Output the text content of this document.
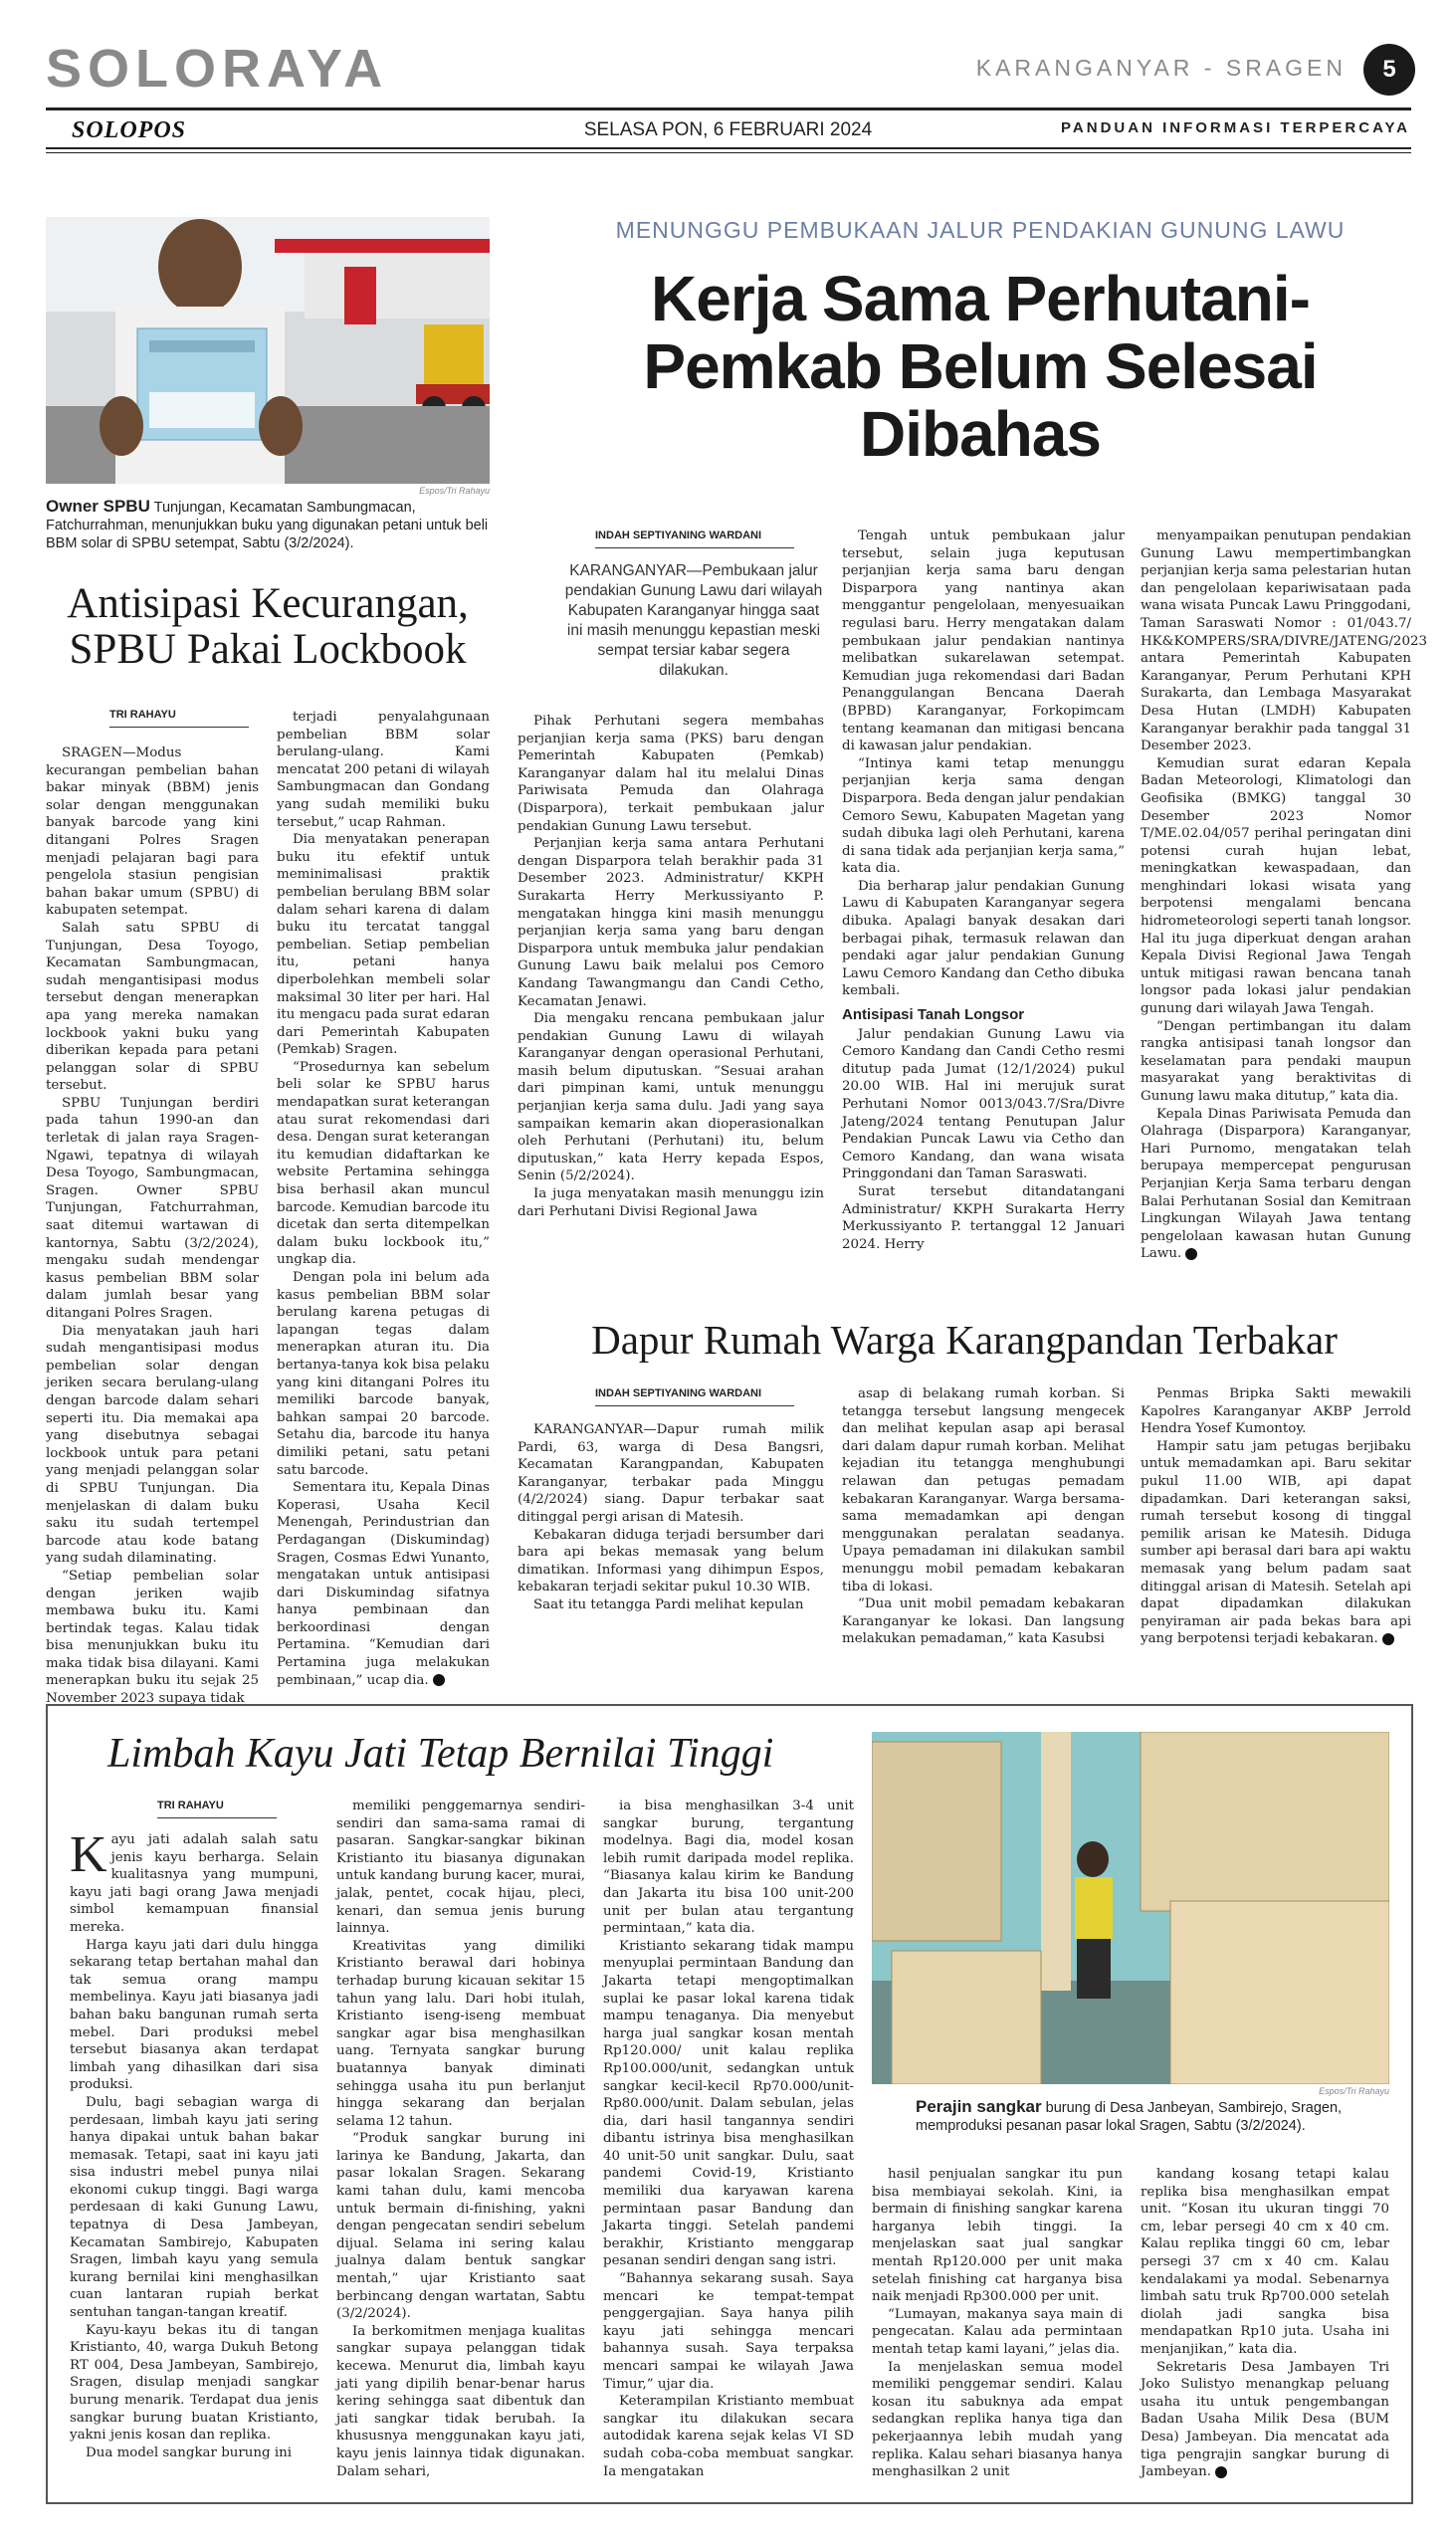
SOLORAYA	KARANGANYAR - SRAGEN	5
SOLOPOS	SELASA PON, 6 FEBRUARI 2024	PANDUAN INFORMASI TERPERCAYA
Espos/Tri Rahayu
Owner SPBU Tunjungan, Kecamatan Sambungmacan, Fatchurrahman, menunjukkan buku yang digunakan petani untuk beli BBM solar di SPBU setempat, Sabtu (3/2/2024).
Antisipasi Kecurangan, SPBU Pakai Lockbook
TRI RAHAYU

SRAGEN—Modus kecurangan pembelian bahan bakar minyak (BBM) jenis solar dengan menggunakan banyak barcode yang kini ditangani Polres Sragen menjadi pelajaran bagi para pengelola stasiun pengisian bahan bakar umum (SPBU) di kabupaten setempat.

Salah satu SPBU di Tunjungan, Desa Toyogo, Kecamatan Sambungmacan, sudah mengantisipasi modus tersebut dengan menerapkan apa yang mereka namakan lockbook yakni buku yang diberikan kepada para petani pelanggan solar di SPBU tersebut.

SPBU Tunjungan berdiri pada tahun 1990-an dan terletak di jalan raya Sragen-Ngawi, tepatnya di wilayah Desa Toyogo, Sambungmacan, Sragen. Owner SPBU Tunjungan, Fatchurrahman, saat ditemui wartawan di kantornya, Sabtu (3/2/2024), mengaku sudah mendengar kasus pembelian BBM solar dalam jumlah besar yang ditangani Polres Sragen.

Dia menyatakan jauh hari sudah mengantisipasi modus pembelian solar dengan jeriken secara berulang-ulang dengan barcode dalam sehari seperti itu. Dia memakai apa yang disebutnya sebagai lockbook untuk para petani yang menjadi pelanggan solar di SPBU Tunjungan. Dia menjelaskan di dalam buku saku itu sudah tertempel barcode atau kode batang yang sudah dilaminating.

“Setiap pembelian solar dengan jeriken wajib membawa buku itu. Kami bertindak tegas. Kalau tidak bisa menunjukkan buku itu maka tidak bisa dilayani. Kami menerapkan buku itu sejak 25 November 2023 supaya tidak

terjadi penyalahgunaan pembelian BBM solar berulang-ulang. Kami mencatat 200 petani di wilayah Sambungmacan dan Gondang yang sudah memiliki buku tersebut,” ucap Rahman.

Dia menyatakan penerapan buku itu efektif untuk meminimalisasi praktik pembelian berulang BBM solar dalam sehari karena di dalam buku itu tercatat tanggal pembelian. Setiap pembelian itu, petani hanya diperbolehkan membeli solar maksimal 30 liter per hari. Hal itu mengacu pada surat edaran dari Pemerintah Kabupaten (Pemkab) Sragen.

“Prosedurnya kan sebelum beli solar ke SPBU harus mendapatkan surat keterangan atau surat rekomendasi dari desa. Dengan surat keterangan itu kemudian didaftarkan ke website Pertamina sehingga bisa berhasil akan muncul barcode. Kemudian barcode itu dicetak dan serta ditempelkan dalam buku lockbook itu,” ungkap dia.

Dengan pola ini belum ada kasus pembelian BBM solar berulang karena petugas di lapangan tegas dalam menerapkan aturan itu. Dia bertanya-tanya kok bisa pelaku yang kini ditangani Polres itu memiliki barcode banyak, bahkan sampai 20 barcode. Setahu dia, barcode itu hanya dimiliki petani, satu petani satu barcode.

Sementara itu, Kepala Dinas Koperasi, Usaha Kecil Menengah, Perindustrian dan Perdagangan (Diskumindag) Sragen, Cosmas Edwi Yunanto, mengatakan untuk antisipasi dari Diskumindag sifatnya hanya pembinaan dan berkoordinasi dengan Pertamina. “Kemudian dari Pertamina juga melakukan pembinaan,” ucap dia.

MENUNGGU PEMBUKAAN JALUR PENDAKIAN GUNUNG LAWU
Kerja Sama Perhutani-Pemkab Belum Selesai Dibahas
INDAH SEPTIYANING WARDANI
KARANGANYAR—Pembukaan jalur pendakian Gunung Lawu dari wilayah Kabupaten Karanganyar hingga saat ini masih menunggu kepastian meski sempat tersiar kabar segera dilakukan.

Pihak Perhutani segera membahas perjanjian kerja sama (PKS) baru dengan Pemerintah Kabupaten (Pemkab) Karanganyar dalam hal itu melalui Dinas Pariwisata Pemuda dan Olahraga (Disparpora), terkait pembukaan jalur pendakian Gunung Lawu tersebut.

Perjanjian kerja sama antara Perhutani dengan Disparpora telah berakhir pada 31 Desember 2023. Administratur/ KKPH Surakarta Herry Merkussiyanto P. mengatakan hingga kini masih menunggu perjanjian kerja sama yang baru dengan Disparpora untuk membuka jalur pendakian Gunung Lawu baik melalui pos Cemoro Kandang Tawangmangu dan Candi Cetho, Kecamatan Jenawi.

Dia mengaku rencana pembukaan jalur pendakian Gunung Lawu di wilayah Karanganyar dengan operasional Perhutani, masih belum diputuskan. “Sesuai arahan dari pimpinan kami, untuk menunggu perjanjian kerja sama dulu. Jadi yang saya sampaikan kemarin akan dioperasionalkan oleh Perhutani (Perhutani) itu, belum diputuskan,” kata Herry kepada Espos, Senin (5/2/2024).

Ia juga menyatakan masih menunggu izin dari Perhutani Divisi Regional Jawa

Tengah untuk pembukaan jalur tersebut, selain juga keputusan perjanjian kerja sama baru dengan Disparpora yang nantinya akan menggantur pengelolaan, menyesuaikan regulasi baru. Herry mengatakan dalam pembukaan jalur pendakian nantinya melibatkan sukarelawan setempat. Kemudian juga rekomendasi dari Badan Penanggulangan Bencana Daerah (BPBD) Karanganyar, Forkopimcam tentang keamanan dan mitigasi bencana di kawasan jalur pendakian.

“Intinya kami tetap menunggu perjanjian kerja sama dengan Disparpora. Beda dengan jalur pendakian Cemoro Sewu, Kabupaten Magetan yang sudah dibuka lagi oleh Perhutani, karena di sana tidak ada perjanjian kerja sama,” kata dia.

Dia berharap jalur pendakian Gunung Lawu di Kabupaten Karanganyar segera dibuka. Apalagi banyak desakan dari berbagai pihak, termasuk relawan dan pendaki agar jalur pendakian Gunung Lawu Cemoro Kandang dan Cetho dibuka kembali.

Antisipasi Tanah Longsor

Jalur pendakian Gunung Lawu via Cemoro Kandang dan Candi Cetho resmi ditutup pada Jumat (12/1/2024) pukul 20.00 WIB. Hal ini merujuk surat Perhutani Nomor 0013/043.7/Sra/Divre Jateng/2024 tentang Penutupan Jalur Pendakian Puncak Lawu via Cetho dan Cemoro Kandang, dan wana wisata Pringgondani dan Taman Saraswati.

Surat tersebut ditandatangani Administratur/ KKPH Surakarta Herry Merkussiyanto P. tertanggal 12 Januari 2024. Herry

menyampaikan penutupan pendakian Gunung Lawu mempertimbangkan perjanjian kerja sama pelestarian hutan dan pengelolaan kepariwisataan pada wana wisata Puncak Lawu Pringgodani, Taman Saraswati Nomor : 01/043.7/ HK&KOMPERS/SRA/DIVRE/JATENG/2023 antara Pemerintah Kabupaten Karanganyar, Perum Perhutani KPH Surakarta, dan Lembaga Masyarakat Desa Hutan (LMDH) Kabupaten Karanganyar berakhir pada tanggal 31 Desember 2023.

Kemudian surat edaran Kepala Badan Meteorologi, Klimatologi dan Geofisika (BMKG) tanggal 30 Desember 2023 Nomor T/ME.02.04/057 perihal peringatan dini potensi curah hujan lebat, meningkatkan kewaspadaan, dan menghindari lokasi wisata yang berpotensi mengalami bencana hidrometeorologi seperti tanah longsor. Hal itu juga diperkuat dengan arahan Kepala Divisi Regional Jawa Tengah untuk mitigasi rawan bencana tanah longsor pada lokasi jalur pendakian gunung dari wilayah Jawa Tengah.

“Dengan pertimbangan itu dalam rangka antisipasi tanah longsor dan keselamatan para pendaki maupun masyarakat yang beraktivitas di Gunung lawu maka ditutup,” kata dia.

Kepala Dinas Pariwisata Pemuda dan Olahraga (Disparpora) Karanganyar, Hari Purnomo, mengatakan telah berupaya mempercepat pengurusan Perjanjian Kerja Sama terbaru dengan Balai Perhutanan Sosial dan Kemitraan Lingkungan Wilayah Jawa tentang pengelolaan kawasan hutan Gunung Lawu.

Dapur Rumah Warga Karangpandan Terbakar
INDAH SEPTIYANING WARDANI

KARANGANYAR—Dapur rumah milik Pardi, 63, warga di Desa Bangsri, Kecamatan Karangpandan, Kabupaten Karanganyar, terbakar pada Minggu (4/2/2024) siang. Dapur terbakar saat ditinggal pergi arisan di Matesih.

Kebakaran diduga terjadi bersumber dari bara api bekas memasak yang belum dimatikan. Informasi yang dihimpun Espos, kebakaran terjadi sekitar pukul 10.30 WIB.

Saat itu tetangga Pardi melihat kepulan

asap di belakang rumah korban. Si tetangga tersebut langsung mengecek dan melihat kepulan asap api berasal dari dalam dapur rumah korban. Melihat kejadian itu tetangga menghubungi relawan dan petugas pemadam kebakaran Karanganyar. Warga bersama-sama memadamkan api dengan menggunakan peralatan seadanya. Upaya pemadaman ini dilakukan sambil menunggu mobil pemadam kebakaran tiba di lokasi.

“Dua unit mobil pemadam kebakaran Karanganyar ke lokasi. Dan langsung melakukan pemadaman,” kata Kasubsi

Penmas Bripka Sakti mewakili Kapolres Karanganyar AKBP Jerrold Hendra Yosef Kumontoy.

Hampir satu jam petugas berjibaku untuk memadamkan api. Baru sekitar pukul 11.00 WIB, api dapat dipadamkan. Dari keterangan saksi, rumah tersebut kosong di tinggal pemilik arisan ke Matesih. Diduga sumber api berasal dari bara api waktu memasak yang belum padam saat ditinggal arisan di Matesih. Setelah api dapat dipadamkan dilakukan penyiraman air pada bekas bara api yang berpotensi terjadi kebakaran.

Limbah Kayu Jati Tetap Bernilai Tinggi
Espos/Tri Rahayu
Perajin sangkar burung di Desa Janbeyan, Sambirejo, Sragen, memproduksi pesanan pasar lokal Sragen, Sabtu (3/2/2024).
TRI RAHAYU

Kayu jati adalah salah satu jenis kayu berharga. Selain kualitasnya yang mumpuni, kayu jati bagi orang Jawa menjadi simbol kemampuan finansial mereka.

Harga kayu jati dari dulu hingga sekarang tetap bertahan mahal dan tak semua orang mampu membelinya. Kayu jati biasanya jadi bahan baku bangunan rumah serta mebel. Dari produksi mebel tersebut biasanya akan terdapat limbah yang dihasilkan dari sisa produksi.

Dulu, bagi sebagian warga di perdesaan, limbah kayu jati sering hanya dipakai untuk bahan bakar memasak. Tetapi, saat ini kayu jati sisa industri mebel punya nilai ekonomi cukup tinggi. Bagi warga perdesaan di kaki Gunung Lawu, tepatnya di Desa Jambeyan, Kecamatan Sambirejo, Kabupaten Sragen, limbah kayu yang semula kurang bernilai kini menghasilkan cuan lantaran rupiah berkat sentuhan tangan-tangan kreatif.

Kayu-kayu bekas itu di tangan Kristianto, 40, warga Dukuh Betong RT 004, Desa Jambeyan, Sambirejo, Sragen, disulap menjadi sangkar burung menarik. Terdapat dua jenis sangkar burung buatan Kristianto, yakni jenis kosan dan replika.

Dua model sangkar burung ini

memiliki penggemarnya sendiri-sendiri dan sama-sama ramai di pasaran. Sangkar-sangkar bikinan Kristianto itu biasanya digunakan untuk kandang burung kacer, murai, jalak, pentet, cocak hijau, pleci, kenari, dan semua jenis burung lainnya.

Kreativitas yang dimiliki Kristianto berawal dari hobinya terhadap burung kicauan sekitar 15 tahun yang lalu. Dari hobi itulah, Kristianto iseng-iseng membuat sangkar agar bisa menghasilkan uang. Ternyata sangkar burung buatannya banyak diminati sehingga usaha itu pun berlanjut hingga sekarang dan berjalan selama 12 tahun.

“Produk sangkar burung ini larinya ke Bandung, Jakarta, dan pasar lokalan Sragen. Sekarang kami tahan dulu, kami mencoba untuk bermain di-finishing, yakni dengan pengecatan sendiri sebelum dijual. Selama ini sering kalau jualnya dalam bentuk sangkar mentah,” ujar Kristianto saat berbincang dengan wartatan, Sabtu (3/2/2024).

Ia berkomitmen menjaga kualitas sangkar supaya pelanggan tidak kecewa. Menurut dia, limbah kayu jati yang dipilih benar-benar harus kering sehingga saat dibentuk dan jati sangkar tidak berubah. Ia khususnya menggunakan kayu jati, kayu jenis lainnya tidak digunakan. Dalam sehari,

ia bisa menghasilkan 3-4 unit sangkar burung, tergantung modelnya. Bagi dia, model kosan lebih rumit daripada model replika. “Biasanya kalau kirim ke Bandung dan Jakarta itu bisa 100 unit-200 unit per bulan atau tergantung permintaan,” kata dia.

Kristianto sekarang tidak mampu menyuplai permintaan Bandung dan Jakarta tetapi mengoptimalkan suplai ke pasar lokal karena tidak mampu tenaganya. Dia menyebut harga jual sangkar kosan mentah Rp120.000/ unit kalau replika Rp100.000/unit, sedangkan untuk sangkar kecil-kecil Rp70.000/unit-Rp80.000/unit. Dalam sebulan, jelas dia, dari hasil tangannya sendiri dibantu istrinya bisa menghasilkan 40 unit-50 unit sangkar. Dulu, saat pandemi Covid-19, Kristianto memiliki dua karyawan karena permintaan pasar Bandung dan Jakarta tinggi. Setelah pandemi berakhir, Kristianto menggarap pesanan sendiri dengan sang istri.

“Bahannya sekarang susah. Saya mencari ke tempat-tempat penggergajian. Saya hanya pilih kayu jati sehingga mencari bahannya susah. Saya terpaksa mencari sampai ke wilayah Jawa Timur,” ujar dia.

Keterampilan Kristianto membuat sangkar itu dilakukan secara autodidak karena sejak kelas VI SD sudah coba-coba membuat sangkar. Ia mengatakan

hasil penjualan sangkar itu pun bisa membiayai sekolah. Kini, ia bermain di finishing sangkar karena harganya lebih tinggi. Ia menjelaskan saat jual sangkar mentah Rp120.000 per unit maka setelah finishing cat harganya bisa naik menjadi Rp300.000 per unit.

“Lumayan, makanya saya main di pengecatan. Kalau ada permintaan mentah tetap kami layani,” jelas dia.

Ia menjelaskan semua model memiliki penggemar sendiri. Kalau kosan itu sabuknya ada empat sedangkan replika hanya tiga dan pekerjaannya lebih mudah yang replika. Kalau sehari biasanya hanya menghasilkan 2 unit

kandang kosang tetapi kalau replika bisa menghasilkan empat unit. “Kosan itu ukuran tinggi 70 cm, lebar persegi 40 cm x 40 cm. Kalau replika tinggi 60 cm, lebar persegi 37 cm x 40 cm. Kalau kendalakami ya modal. Sebenarnya limbah satu truk Rp700.000 setelah diolah jadi sangka bisa mendapatkan Rp10 juta. Usaha ini menjanjikan,” kata dia.

Sekretaris Desa Jambayen Tri Joko Sulistyo menangkap peluang usaha itu untuk pengembangan Badan Usaha Milik Desa (BUM Desa) Jambeyan. Dia mencatat ada tiga pengrajin sangkar burung di Jambeyan.
